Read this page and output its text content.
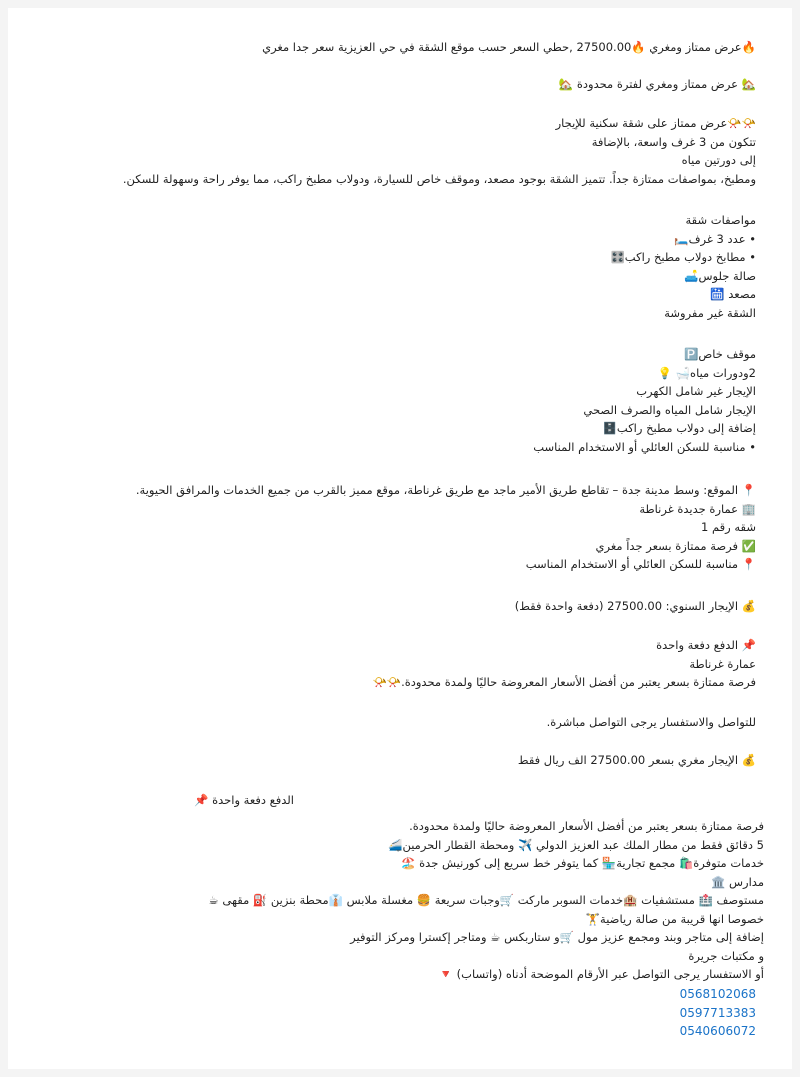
🔥عرض ممتاز ومغري 🔥27500.00 ,حطي السعر حسب موقع الشقة في حي العزيزية سعر جدا مغري
🏡 عرض ممتاز ومغري لفترة محدودة 🏡
📯📯عرض ممتاز على شقة سكنية للإيجار
تتكون من 3 غرف واسعة، بالإضافة
إلى دورتين مياه
ومطبخ، بمواصفات ممتازة جداً. تتميز الشقة بوجود مصعد، وموقف خاص للسيارة، ودولاب مطبخ راكب، مما يوفر راحة وسهولة للسكن.
مواصفات شقة
• عدد 3 غرف🛏️
• مطابخ دولاب مطبخ راكب🎛️
صالة جلوس🛋️
مصعد 🛗
الشقة غير مفروشة
موقف خاص🅿️
2ودورات مياه🛁 💡
الإيجار غير شامل الكهرب
الإيجار شامل المياه والصرف الصحي
إضافة إلى دولاب مطبخ راكب🗄️
• مناسبة للسكن العائلي أو الاستخدام المناسب
📍 الموقع: وسط مدينة جدة – تقاطع طريق الأمير ماجد مع طريق غرناطة، موقع مميز بالقرب من جميع الخدمات والمرافق الحيوية.
🏢 عمارة جديدة غرناطة
شقه رقم 1
✅ فرصة ممتازة بسعر جداً مغري
📍 مناسبة للسكن العائلي أو الاستخدام المناسب
💰 الإيجار السنوي: 27500.00 (دفعة واحدة فقط)
📌 الدفع دفعة واحدة
عمارة غرناطة
فرصة ممتازة بسعر يعتبر من أفضل الأسعار المعروضة حاليًا ولمدة محدودة.📯📯
للتواصل والاستفسار يرجى التواصل مباشرة.
💰 الإيجار مغري بسعر 27500.00 الف ريال فقط
الدفع دفعة واحدة 📌
فرصة ممتازة بسعر يعتبر من أفضل الأسعار المعروضة حاليًا ولمدة محدودة.
5 دقائق فقط من مطار الملك عبد العزيز الدولي ✈️ ومحطة القطار الحرمين🚄
خدمات متوفرة🛍️ مجمع تجارية🏪 كما يتوفر خط سريع إلى كورنيش جدة 🏖️
مدارس 🏛️
مستوصف 🏥 مستشفيات 🏨خدمات السوبر ماركت 🛒وجبات سريعة 🍔 مغسلة ملابس 👔محطة بنزين ⛽ مقهى ☕
خصوصا انها قريبة من صالة رياضية🏋️
إضافة إلى متاجر وبند ومجمع عزيز مول 🛒و ستاربكس ☕ ومتاجر إكسترا ومركز التوفير
و مكتبات جريرة
أو الاستفسار يرجى التواصل عبر الأرقام الموضحة أدناه (واتساب) 🔻
0568102068
0597713383
0540606072
